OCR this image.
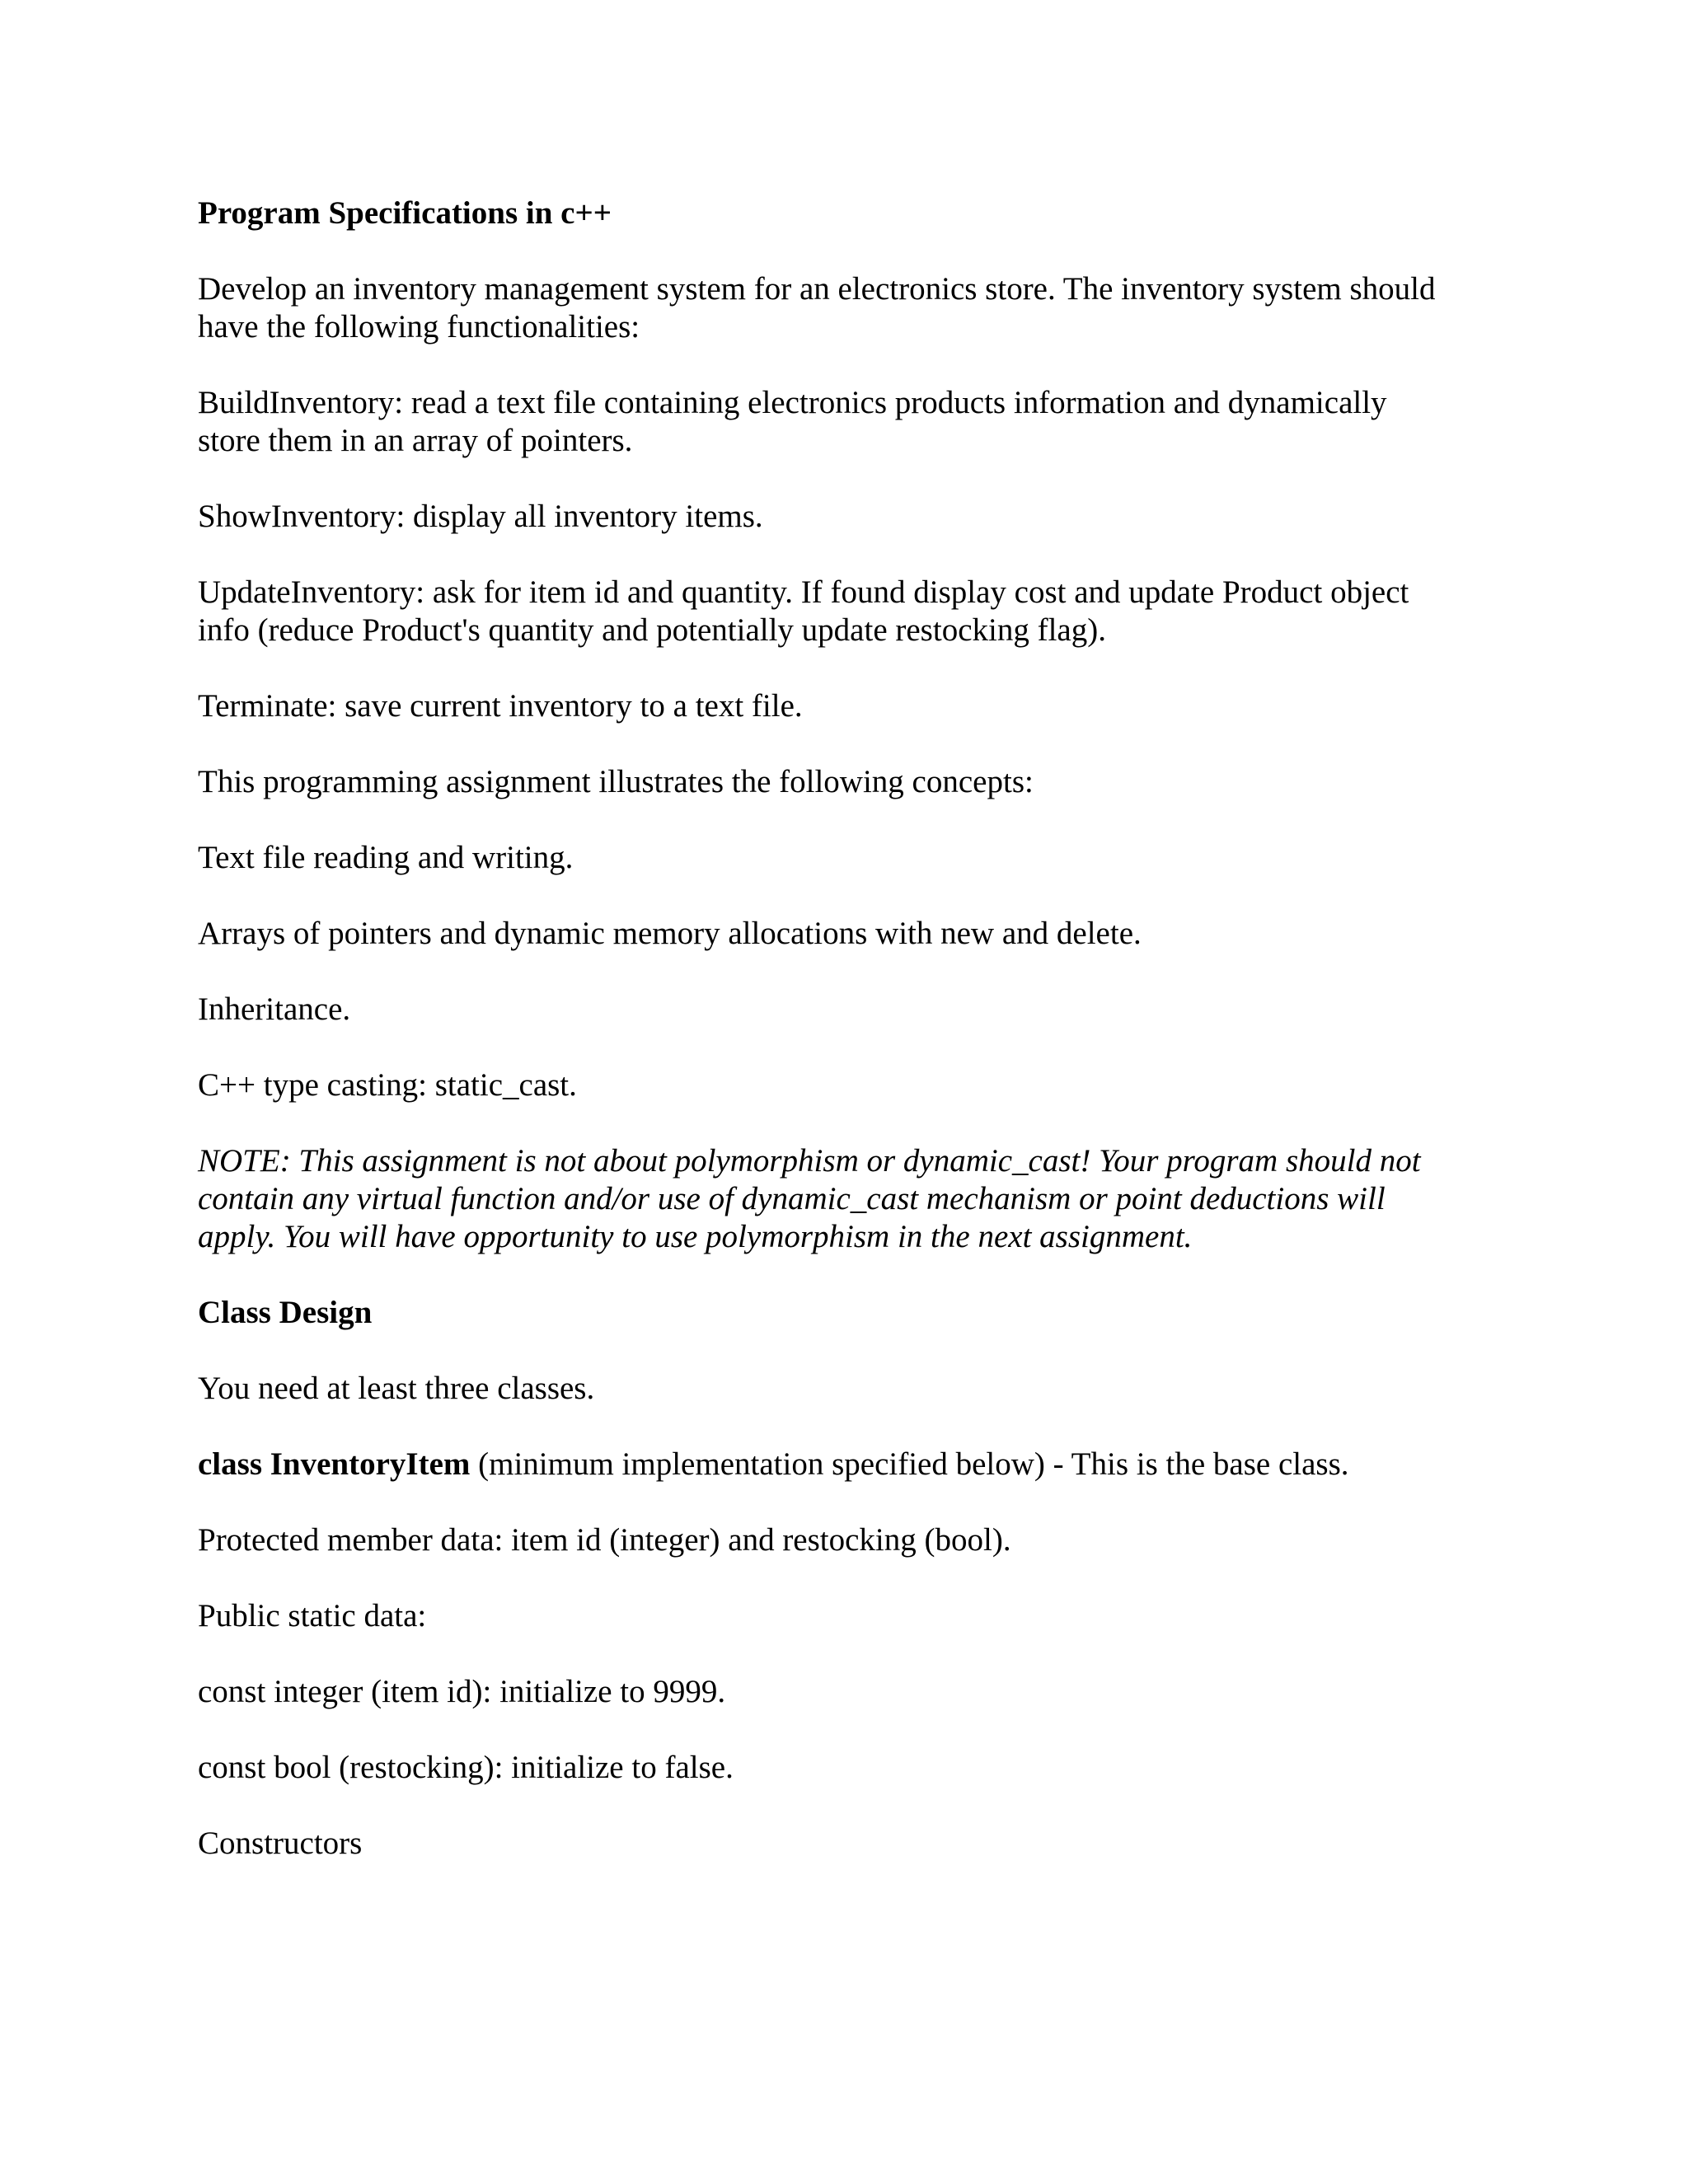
Program Specifications in c++
Develop an inventory management system for an electronics store. The inventory system should
have the following functionalities:
BuildInventory: read a text file containing electronics products information and dynamically
store them in an array of pointers.
ShowInventory: display all inventory items.
UpdateInventory: ask for item id and quantity. If found display cost and update Product object
info (reduce Product's quantity and potentially update restocking flag).
Terminate: save current inventory to a text file.
This programming assignment illustrates the following concepts:
Text file reading and writing.
Arrays of pointers and dynamic memory allocations with new and delete.
Inheritance.
C++ type casting: static_cast.
NOTE: This assignment is not about polymorphism or dynamic_cast! Your program should not
contain any virtual function and/or use of dynamic_cast mechanism or point deductions will
apply. You will have opportunity to use polymorphism in the next assignment.
Class Design
You need at least three classes.
class InventoryItem (minimum implementation specified below) - This is the base class.
Protected member data: item id (integer) and restocking (bool).
Public static data:
const integer (item id): initialize to 9999.
const bool (restocking): initialize to false.
Constructors
